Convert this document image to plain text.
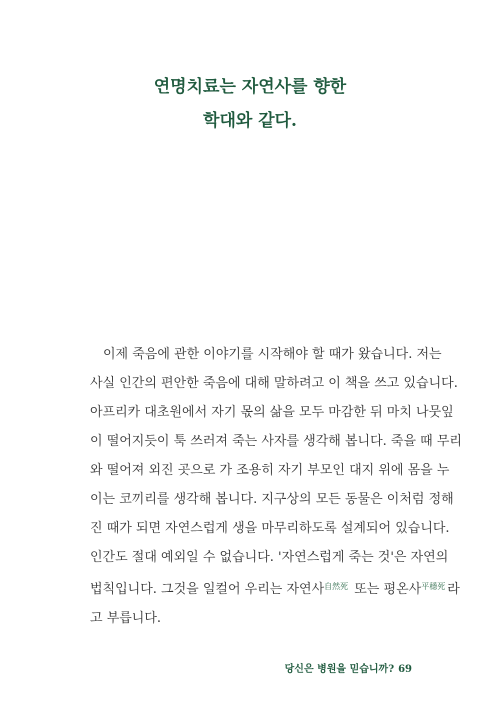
연명치료는 자연사를 향한
학대와 같다.
이제 죽음에 관한 이야기를 시작해야 할 때가 왔습니다. 저는
사실 인간의 편안한 죽음에 대해 말하려고 이 책을 쓰고 있습니다.
아프리카 대초원에서 자기 몫의 삶을 모두 마감한 뒤 마치 나뭇잎
이 떨어지듯이 툭 쓰러져 죽는 사자를 생각해 봅니다. 죽을 때 무리
와 떨어져 외진 곳으로 가 조용히 자기 부모인 대지 위에 몸을 누
이는 코끼리를 생각해 봅니다. 지구상의 모든 동물은 이처럼 정해
진 때가 되면 자연스럽게 생을 마무리하도록 설계되어 있습니다.
인간도 절대 예외일 수 없습니다. '자연스럽게 죽는 것'은 자연의
법칙입니다. 그것을 일컬어 우리는 자연사$^{自然死}$ 또는 평온사$^{平穩死}$ 라
고 부릅니다.
당신은 병원을 믿습니까? 69
